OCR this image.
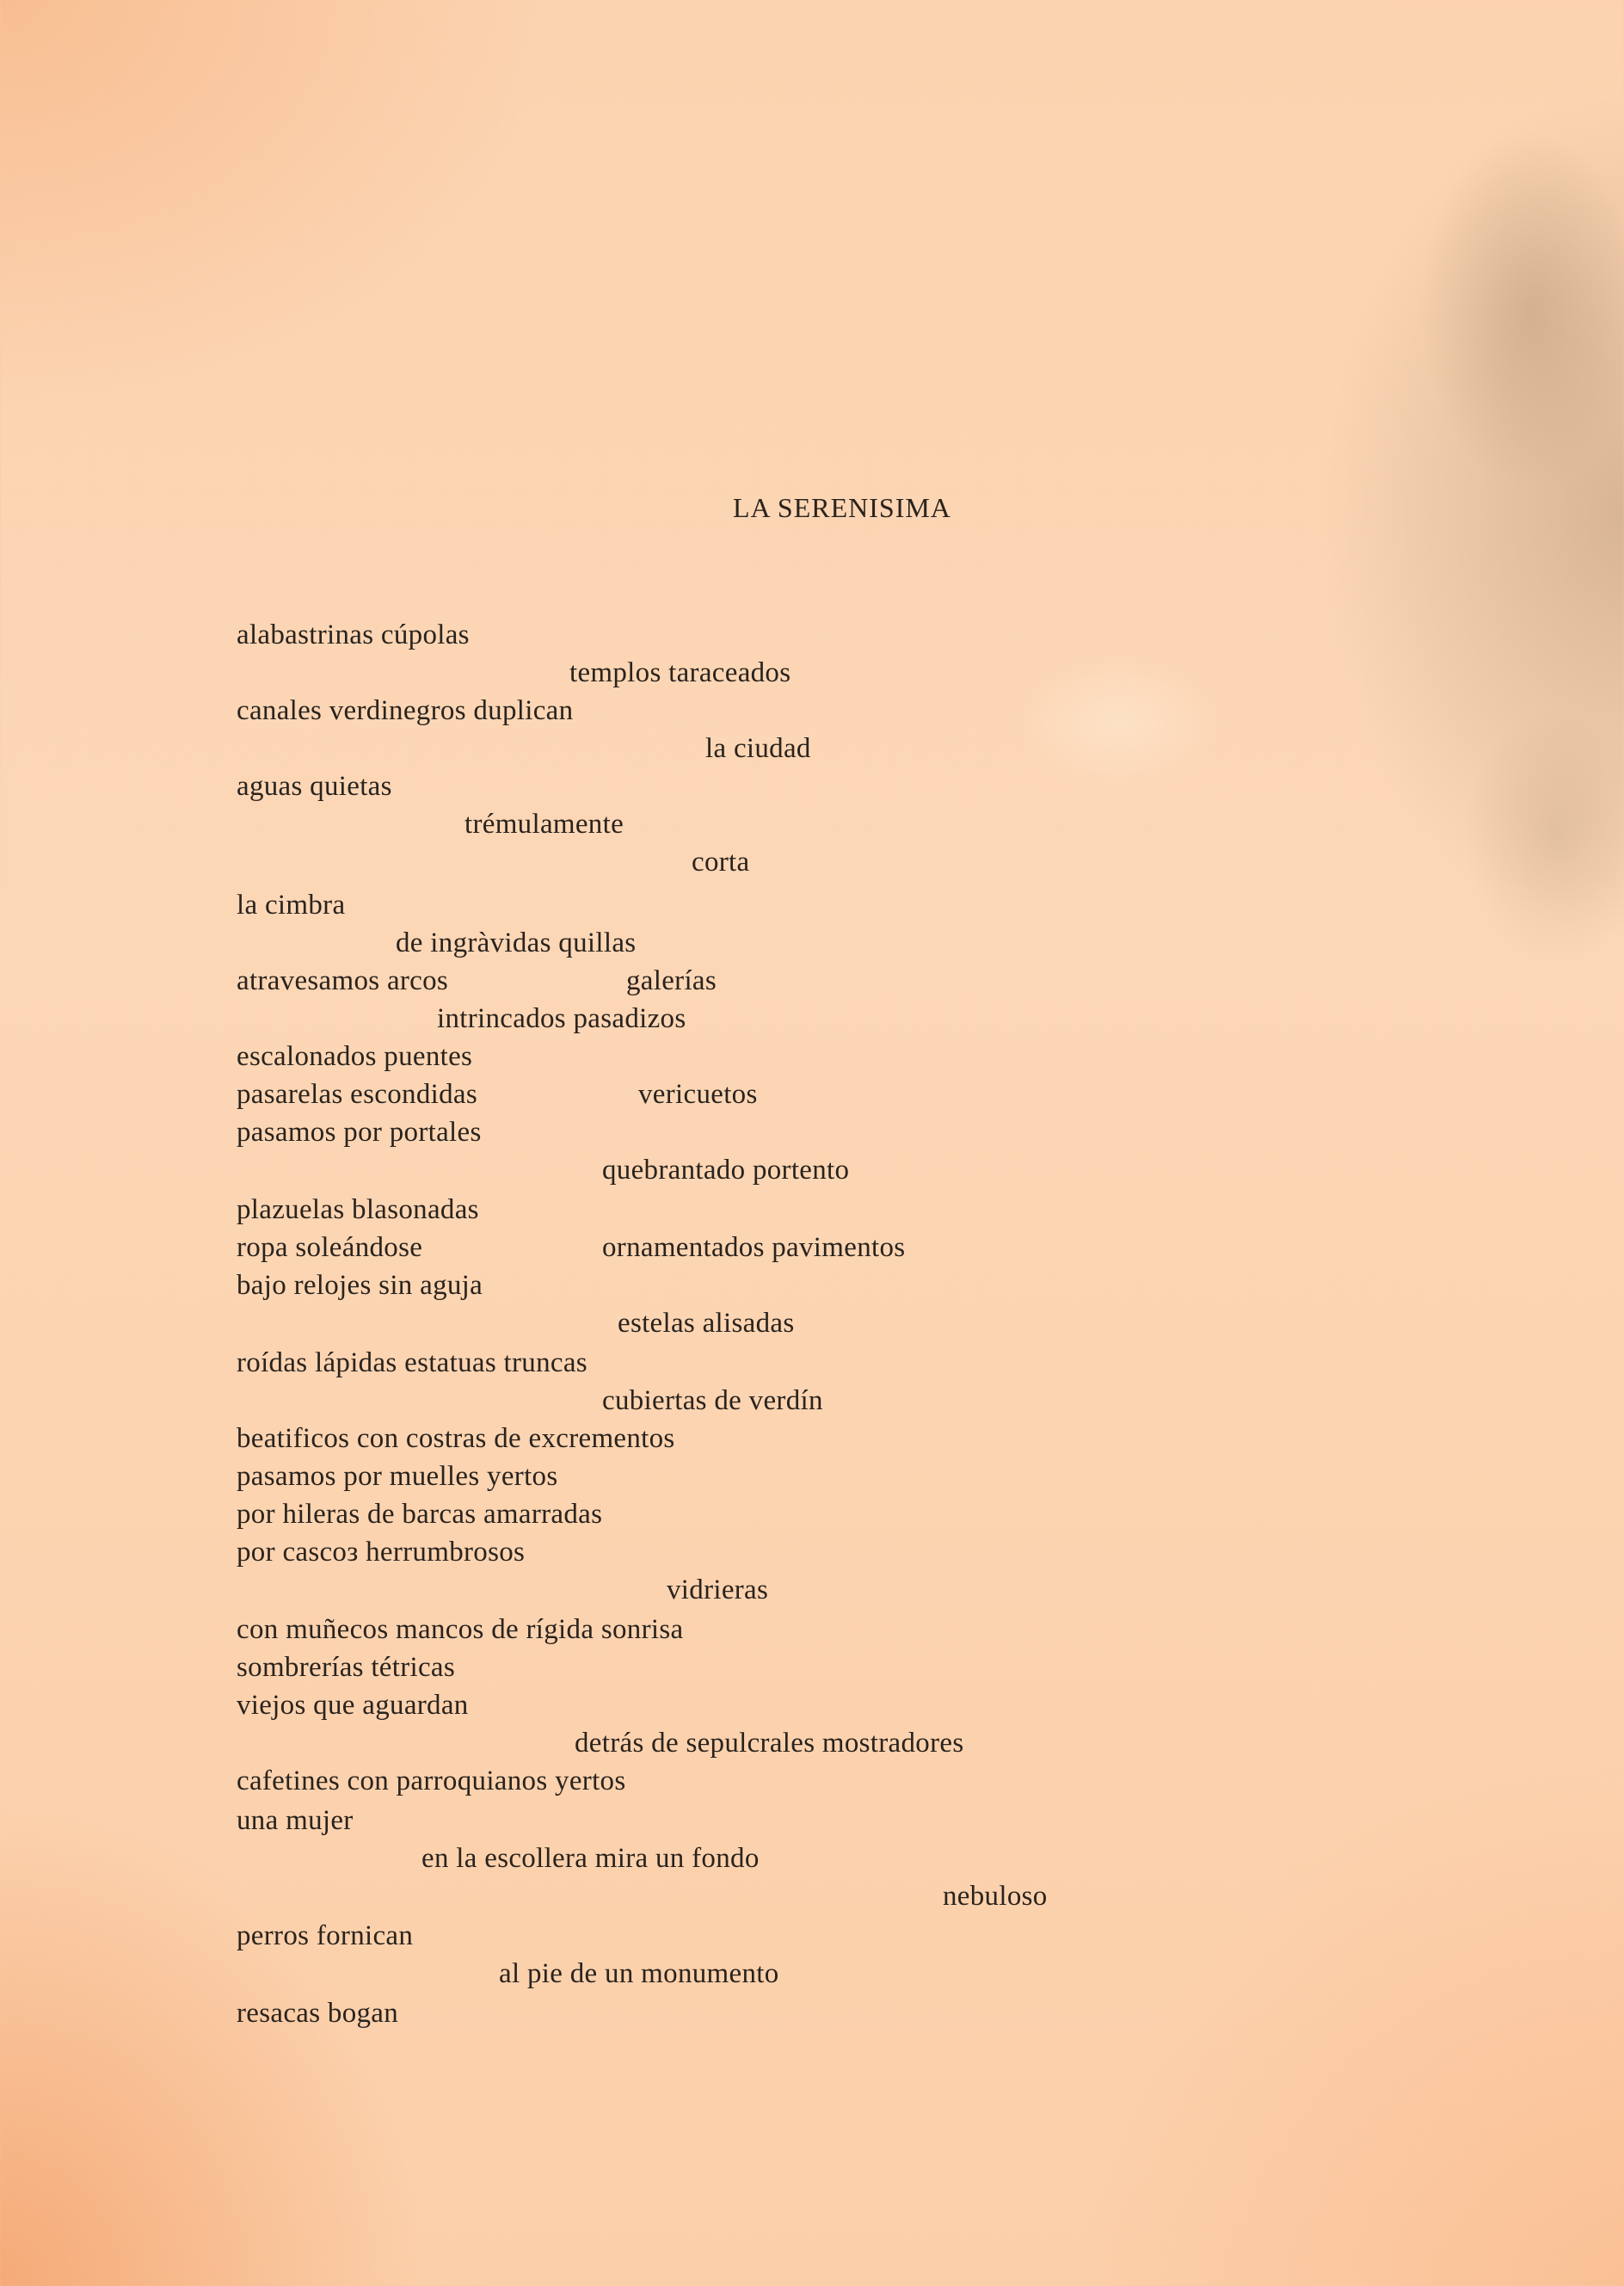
LA SERENISIMA
alabastrinas cúpolas
templos taraceados
canales verdinegros duplican
la ciudad
aguas quietas
trémulamente
corta
la cimbra
de ingràvidas quillas
atravesamos arcos	galerías
intrincados pasadizos
escalonados puentes
pasarelas escondidas	vericuetos
pasamos por portales
quebrantado portento
plazuelas blasonadas
ropa soleándose	ornamentados pavimentos
bajo relojes sin aguja
estelas alisadas
roídas lápidas estatuas truncas
cubiertas de verdín
beatificos con costras de excrementos
pasamos por muelles yertos
por hileras de barcas amarradas
por cascoз herrumbrosos
vidrieras
con muñecos mancos de rígida sonrisa
sombrerías tétricas
viejos que aguardan
detrás de sepulcrales mostradores
cafetines con parroquianos yertos
una mujer
en la escollera mira un fondo
nebuloso
perros fornican
al pie de un monumento
resacas bogan
